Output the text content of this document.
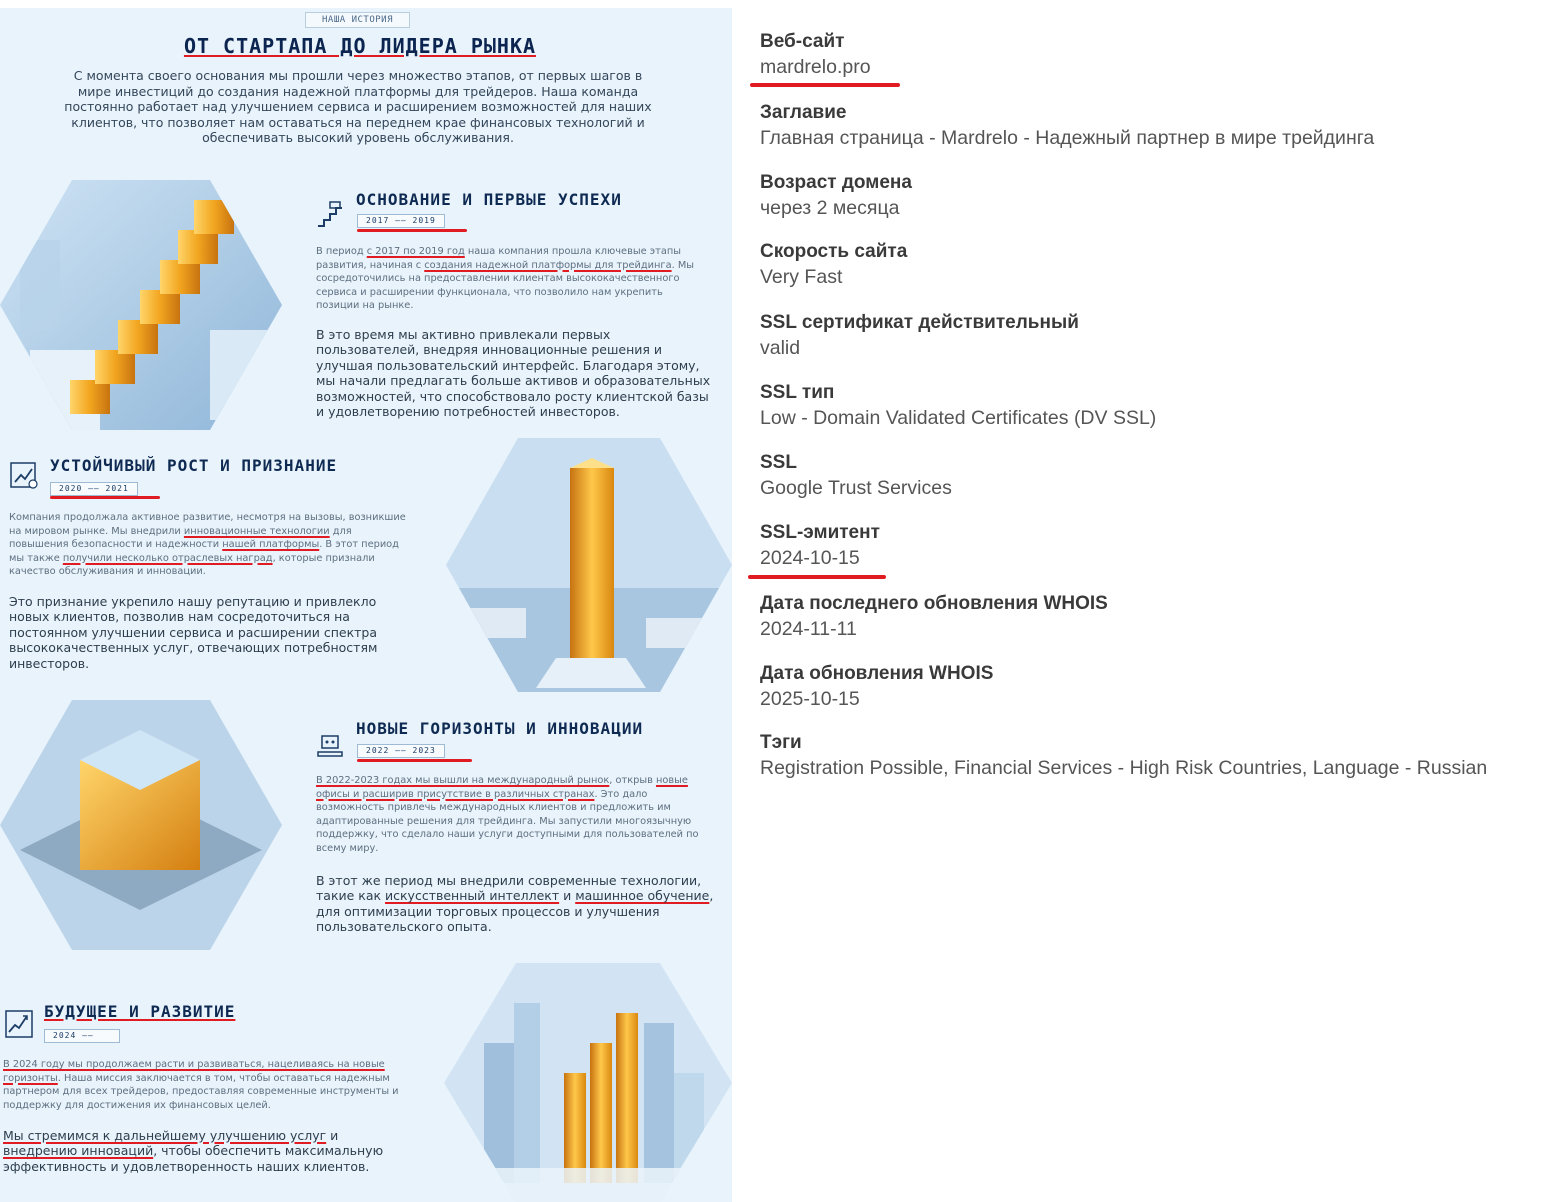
НАША ИСТОРИЯ
ОТ СТАРТАПА ДО ЛИДЕРА РЫНКА
С момента своего основания мы прошли через множество этапов, от первых шагов в мире инвестиций до создания надежной платформы для трейдеров. Наша команда постоянно работает над улучшением сервиса и расширением возможностей для наших клиентов, что позволяет нам оставаться на переднем крае финансовых технологий и обеспечивать высокий уровень обслуживания.
ОСНОВАНИЕ И ПЕРВЫЕ УСПЕХИ
2017 —— 2019
В период с 2017 по 2019 год наша компания прошла ключевые этапы развития, начиная с создания надежной платформы для трейдинга. Мы сосредоточились на предоставлении клиентам высококачественного сервиса и расширении функционала, что позволило нам укрепить позиции на рынке.
В это время мы активно привлекали первых пользователей, внедряя инновационные решения и улучшая пользовательский интерфейс. Благодаря этому, мы начали предлагать больше активов и образовательных возможностей, что способствовало росту клиентской базы и удовлетворению потребностей инвесторов.
УСТОЙЧИВЫЙ РОСТ И ПРИЗНАНИЕ
2020 —— 2021
Компания продолжала активное развитие, несмотря на вызовы, возникшие на мировом рынке. Мы внедрили инновационные технологии для повышения безопасности и надежности нашей платформы. В этот период мы также получили несколько отраслевых наград, которые признали качество обслуживания и инновации.
Это признание укрепило нашу репутацию и привлекло новых клиентов, позволив нам сосредоточиться на постоянном улучшении сервиса и расширении спектра высококачественных услуг, отвечающих потребностям инвесторов.
НОВЫЕ ГОРИЗОНТЫ И ИННОВАЦИИ
2022 —— 2023
В 2022-2023 годах мы вышли на международный рынок, открыв новые офисы и расширив присутствие в различных странах. Это дало возможность привлечь международных клиентов и предложить им адаптированные решения для трейдинга. Мы запустили многоязычную поддержку, что сделало наши услуги доступными для пользователей по всему миру.
В этот же период мы внедрили современные технологии, такие как искусственный интеллект и машинное обучение, для оптимизации торговых процессов и улучшения пользовательского опыта.
БУДУЩЕЕ И РАЗВИТИЕ
2024 ——
В 2024 году мы продолжаем расти и развиваться, нацеливаясь на новые горизонты. Наша миссия заключается в том, чтобы оставаться надежным партнером для всех трейдеров, предоставляя современные инструменты и поддержку для достижения их финансовых целей.
Мы стремимся к дальнейшему улучшению услуг и внедрению инноваций, чтобы обеспечить максимальную эффективность и удовлетворенность наших клиентов.
Веб-сайт
mardrelo.pro
Заглавие
Главная страница - Mardrelo - Надежный партнер в мире трейдинга
Возраст домена
через 2 месяца
Скорость сайта
Very Fast
SSL сертификат действительный
valid
SSL тип
Low - Domain Validated Certificates (DV SSL)
SSL
Google Trust Services
SSL-эмитент
2024-10-15
Дата последнего обновления WHOIS
2024-11-11
Дата обновления WHOIS
2025-10-15
Тэги
Registration Possible, Financial Services - High Risk Countries, Language - Russian
